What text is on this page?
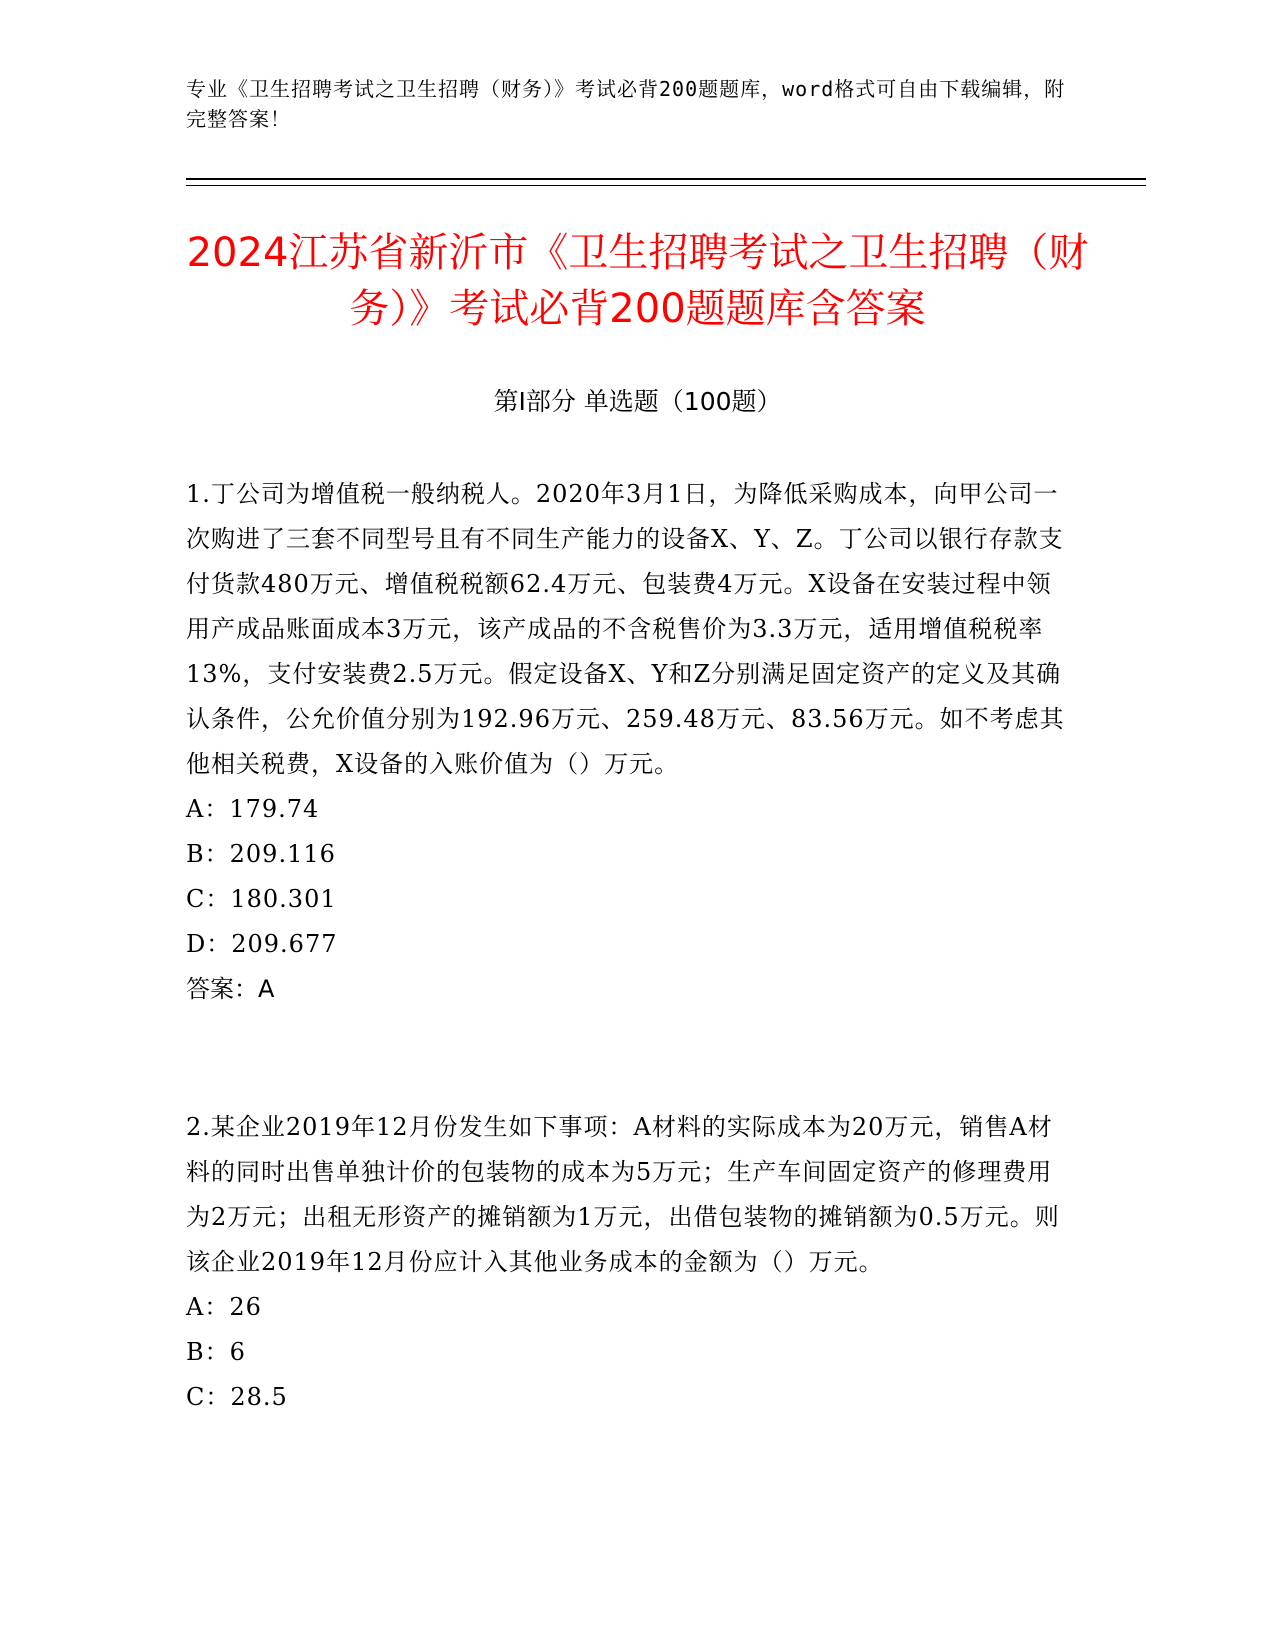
专业《卫生招聘考试之卫生招聘（财务）》考试必背200题题库，word格式可自由下载编辑，附完整答案！
2024江苏省新沂市《卫生招聘考试之卫生招聘（财务）》考试必背200题题库含答案
第I部分 单选题（100题）
1.丁公司为增值税一般纳税人。2020年3月1日，为降低采购成本，向甲公司一次购进了三套不同型号且有不同生产能力的设备X、Y、Z。丁公司以银行存款支付货款480万元、增值税税额62.4万元、包装费4万元。X设备在安装过程中领用产成品账面成本3万元，该产成品的不含税售价为3.3万元，适用增值税税率13%，支付安装费2.5万元。假定设备X、Y和Z分别满足固定资产的定义及其确认条件，公允价值分别为192.96万元、259.48万元、83.56万元。如不考虑其他相关税费，X设备的入账价值为（）万元。
A：179.74
B：209.116
C：180.301
D：209.677
答案：A
2.某企业2019年12月份发生如下事项：A材料的实际成本为20万元，销售A材料的同时出售单独计价的包装物的成本为5万元；生产车间固定资产的修理费用为2万元；出租无形资产的摊销额为1万元，出借包装物的摊销额为0.5万元。则该企业2019年12月份应计入其他业务成本的金额为（）万元。
A：26
B：6
C：28.5
